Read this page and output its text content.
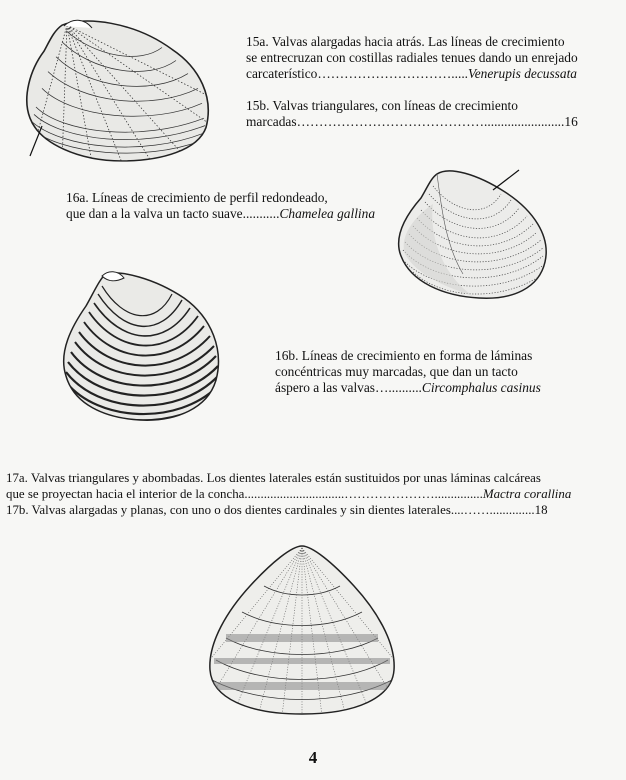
15a. Valvas alargadas hacia atrás. Las líneas de crecimiento
se entrecruzan con costillas radiales tenues dando un enrejado
carcaterístico………………………….....Venerupis decussata
15b. Valvas triangulares, con líneas de crecimiento
marcadas……………………………………........................16
16a. Líneas de crecimiento de perfil redondeado,
que dan a la valva un tacto suave...........Chamelea gallina
16b. Líneas de crecimiento en forma de láminas
concéntricas muy marcadas, que dan un tacto
áspero a las valvas…..........Circomphalus casinus
17a. Valvas triangulares y abombadas. Los dientes laterales están sustituidos por unas láminas calcáreas
que se proyectan hacia el interior de la concha...............................…………………...............Mactra corallina
17b. Valvas alargadas y planas, con uno o dos dientes cardinales y sin dientes laterales....……..............18
4
